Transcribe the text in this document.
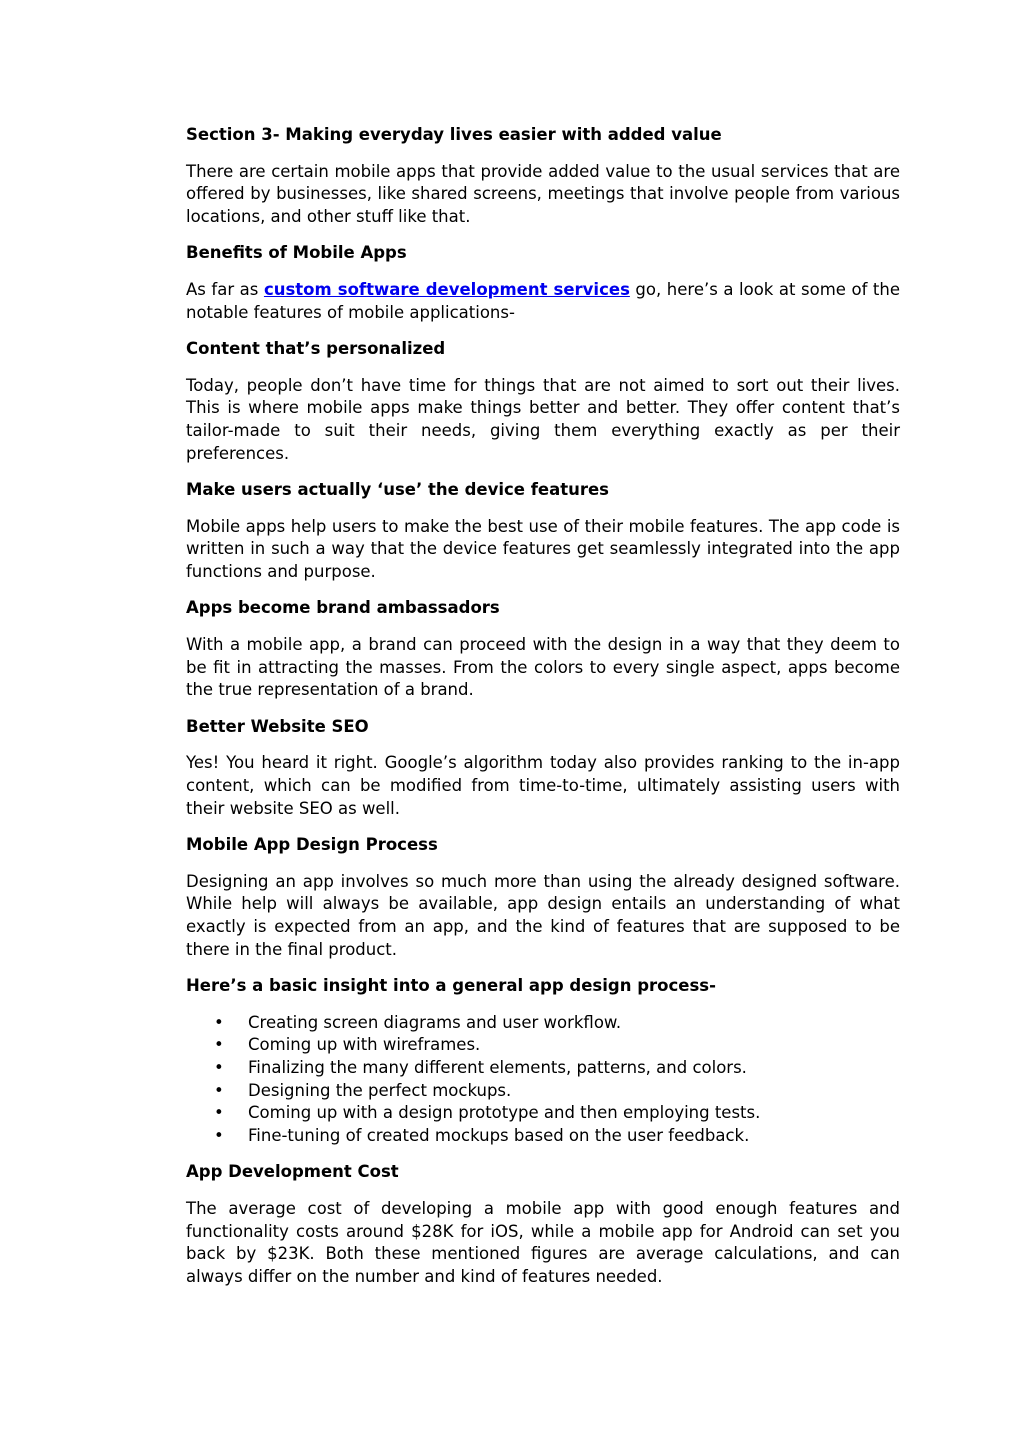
Section 3- Making everyday lives easier with added value

There are certain mobile apps that provide added value to the usual services that are offered by businesses, like shared screens, meetings that involve people from various locations, and other stuff like that.

Benefits of Mobile Apps

As far as custom software development services go, here’s a look at some of the notable features of mobile applications-

Content that’s personalized

Today, people don’t have time for things that are not aimed to sort out their lives. This is where mobile apps make things better and better. They offer content that’s tailor-made to suit their needs, giving them everything exactly as per their preferences.

Make users actually ‘use’ the device features

Mobile apps help users to make the best use of their mobile features. The app code is written in such a way that the device features get seamlessly integrated into the app functions and purpose.

Apps become brand ambassadors

With a mobile app, a brand can proceed with the design in a way that they deem to be fit in attracting the masses. From the colors to every single aspect, apps become the true representation of a brand.

Better Website SEO

Yes! You heard it right. Google’s algorithm today also provides ranking to the in-app content, which can be modified from time-to-time, ultimately assisting users with their website SEO as well.

Mobile App Design Process

Designing an app involves so much more than using the already designed software. While help will always be available, app design entails an understanding of what exactly is expected from an app, and the kind of features that are supposed to be there in the final product.

Here’s a basic insight into a general app design process-
• Creating screen diagrams and user workflow.
• Coming up with wireframes.
• Finalizing the many different elements, patterns, and colors.
• Designing the perfect mockups.
• Coming up with a design prototype and then employing tests.
• Fine-tuning of created mockups based on the user feedback.
App Development Cost

The average cost of developing a mobile app with good enough features and functionality costs around $28K for iOS, while a mobile app for Android can set you back by $23K. Both these mentioned figures are average calculations, and can always differ on the number and kind of features needed.
